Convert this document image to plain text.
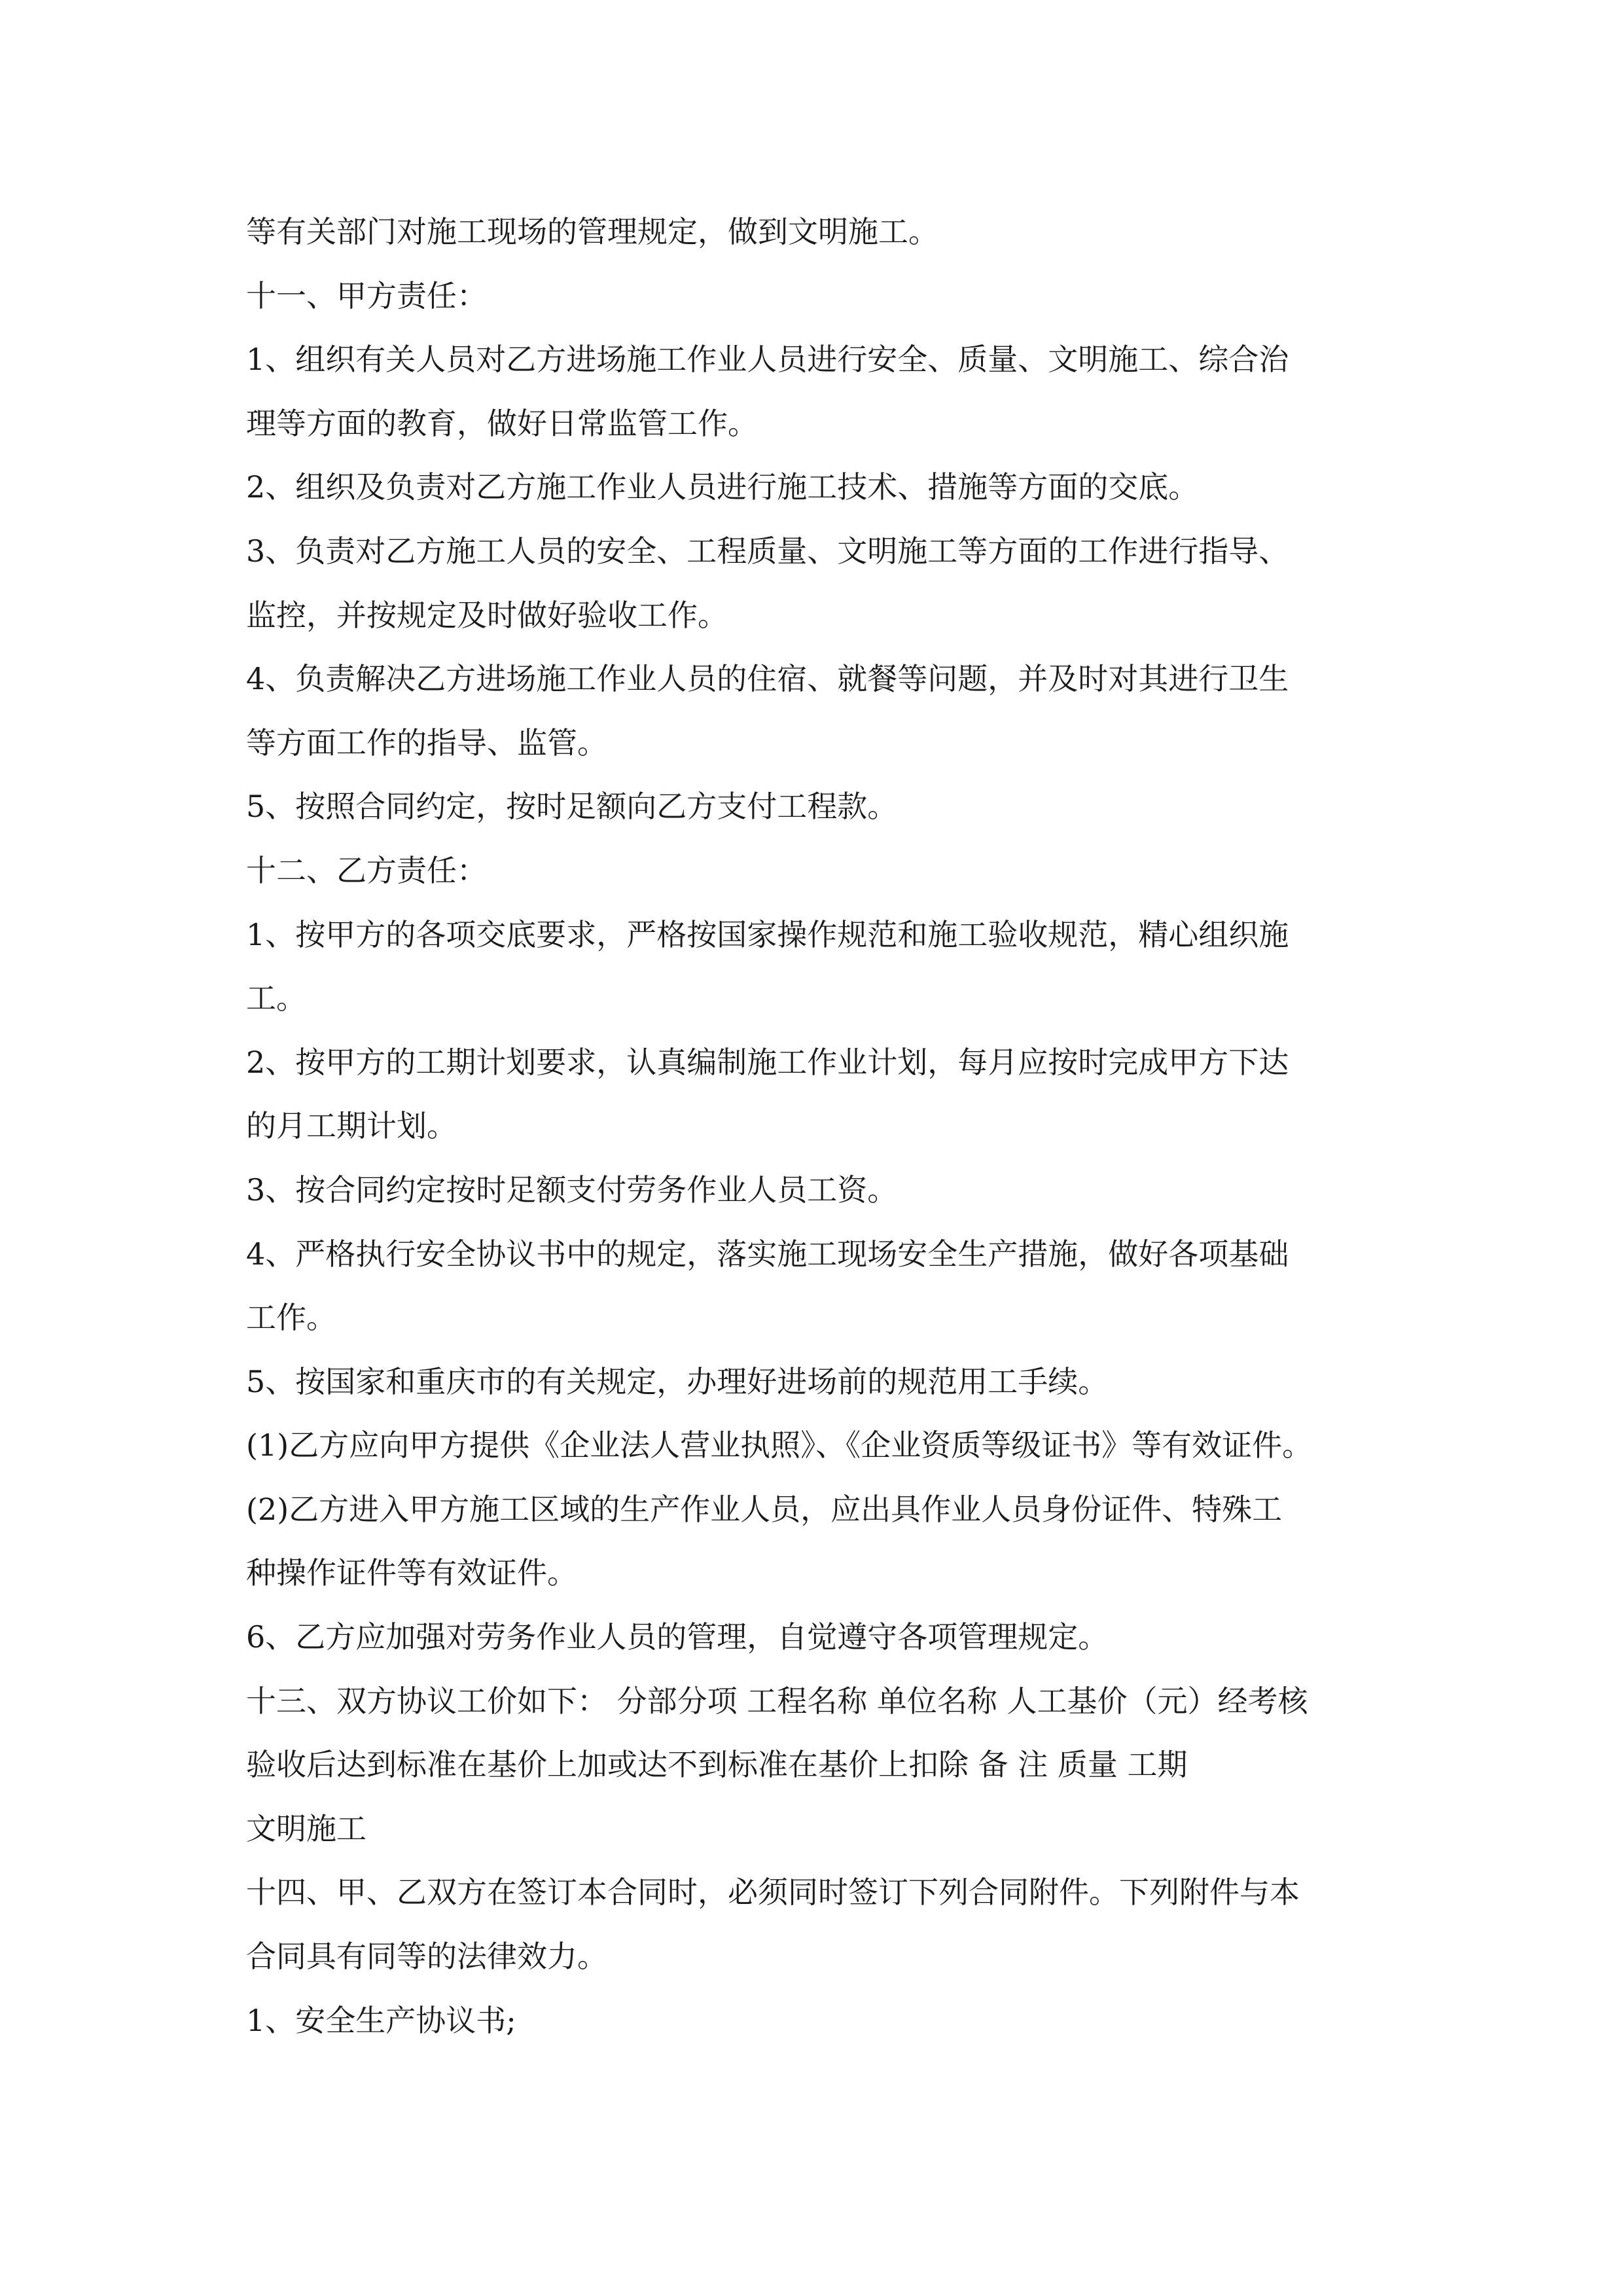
等有关部门对施工现场的管理规定，做到文明施工。
十一、甲方责任：
1、组织有关人员对乙方进场施工作业人员进行安全、质量、文明施工、综合治
理等方面的教育，做好日常监管工作。
2、组织及负责对乙方施工作业人员进行施工技术、措施等方面的交底。
3、负责对乙方施工人员的安全、工程质量、文明施工等方面的工作进行指导、
监控，并按规定及时做好验收工作。
4、负责解决乙方进场施工作业人员的住宿、就餐等问题，并及时对其进行卫生
等方面工作的指导、监管。
5、按照合同约定，按时足额向乙方支付工程款。
十二、乙方责任：
1、按甲方的各项交底要求，严格按国家操作规范和施工验收规范，精心组织施
工。
2、按甲方的工期计划要求，认真编制施工作业计划，每月应按时完成甲方下达
的月工期计划。
3、按合同约定按时足额支付劳务作业人员工资。
4、严格执行安全协议书中的规定，落实施工现场安全生产措施，做好各项基础
工作。
5、按国家和重庆市的有关规定，办理好进场前的规范用工手续。
(1)乙方应向甲方提供《企业法人营业执照》、《企业资质等级证书》等有效证件。
(2)乙方进入甲方施工区域的生产作业人员，应出具作业人员身份证件、特殊工
种操作证件等有效证件。
6、乙方应加强对劳务作业人员的管理，自觉遵守各项管理规定。
十三、双方协议工价如下： 分部分项 工程名称 单位名称 人工基价（元）经考核
验收后达到标准在基价上加或达不到标准在基价上扣除 备 注 质量 工期
文明施工
十四、甲、乙双方在签订本合同时，必须同时签订下列合同附件。下列附件与本
合同具有同等的法律效力。
1、安全生产协议书;
